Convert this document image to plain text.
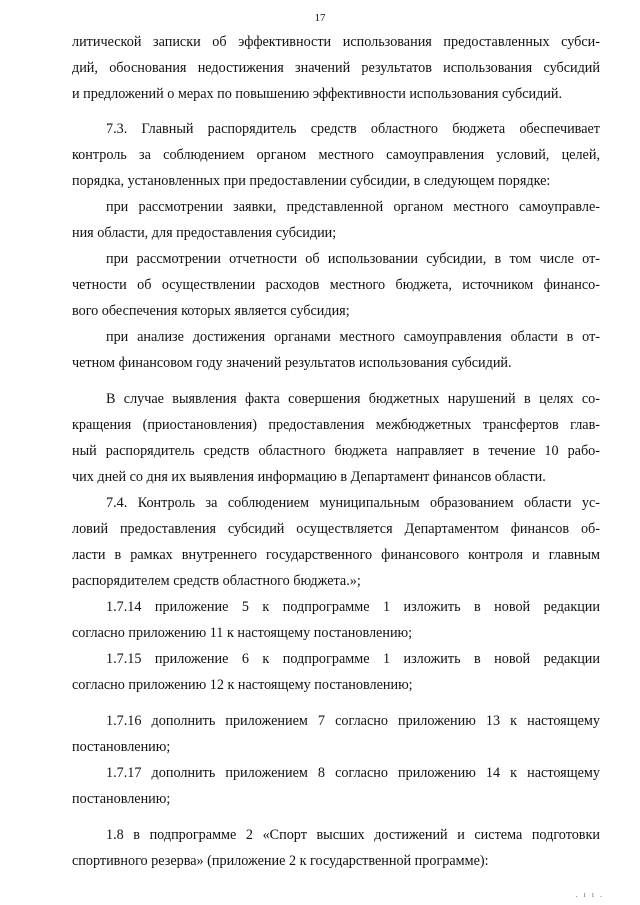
17
литической записки об эффективности использования предоставленных субси-
дий, обоснования недостижения значений результатов использования субсидий
и предложений о мерах по повышению эффективности использования субсидий.
7.3. Главный распорядитель средств областного бюджета обеспечивает
контроль за соблюдением органом местного самоуправления условий, целей,
порядка, установленных при предоставлении субсидии, в следующем порядке:
при рассмотрении заявки, представленной органом местного самоуправле-
ния области, для предоставления субсидии;
при рассмотрении отчетности об использовании субсидии, в том числе от-
четности об осуществлении расходов местного бюджета, источником финансо-
вого обеспечения которых является субсидия;
при анализе достижения органами местного самоуправления области в от-
четном финансовом году значений результатов использования субсидий.
В случае выявления факта совершения бюджетных нарушений в целях со-
кращения (приостановления) предоставления межбюджетных трансфертов глав-
ный распорядитель средств областного бюджета направляет в течение 10 рабо-
чих дней со дня их выявления информацию в Департамент финансов области.
7.4. Контроль за соблюдением муниципальным образованием области ус-
ловий предоставления субсидий осуществляется Департаментом финансов об-
ласти в рамках внутреннего государственного финансового контроля и главным
распорядителем средств областного бюджета.»;
1.7.14 приложение 5 к подпрограмме 1 изложить в новой редакции
согласно приложению 11 к настоящему постановлению;
1.7.15 приложение 6 к подпрограмме 1 изложить в новой редакции
согласно приложению 12 к настоящему постановлению;
1.7.16 дополнить приложением 7 согласно приложению 13 к настоящему
постановлению;
1.7.17 дополнить приложением 8 согласно приложению 14 к настоящему
постановлению;
1.8 в подпрограмме 2 «Спорт высших достижений и система подготовки
спортивного резерва» (приложение 2 к государственной программе):
. ı ı .
